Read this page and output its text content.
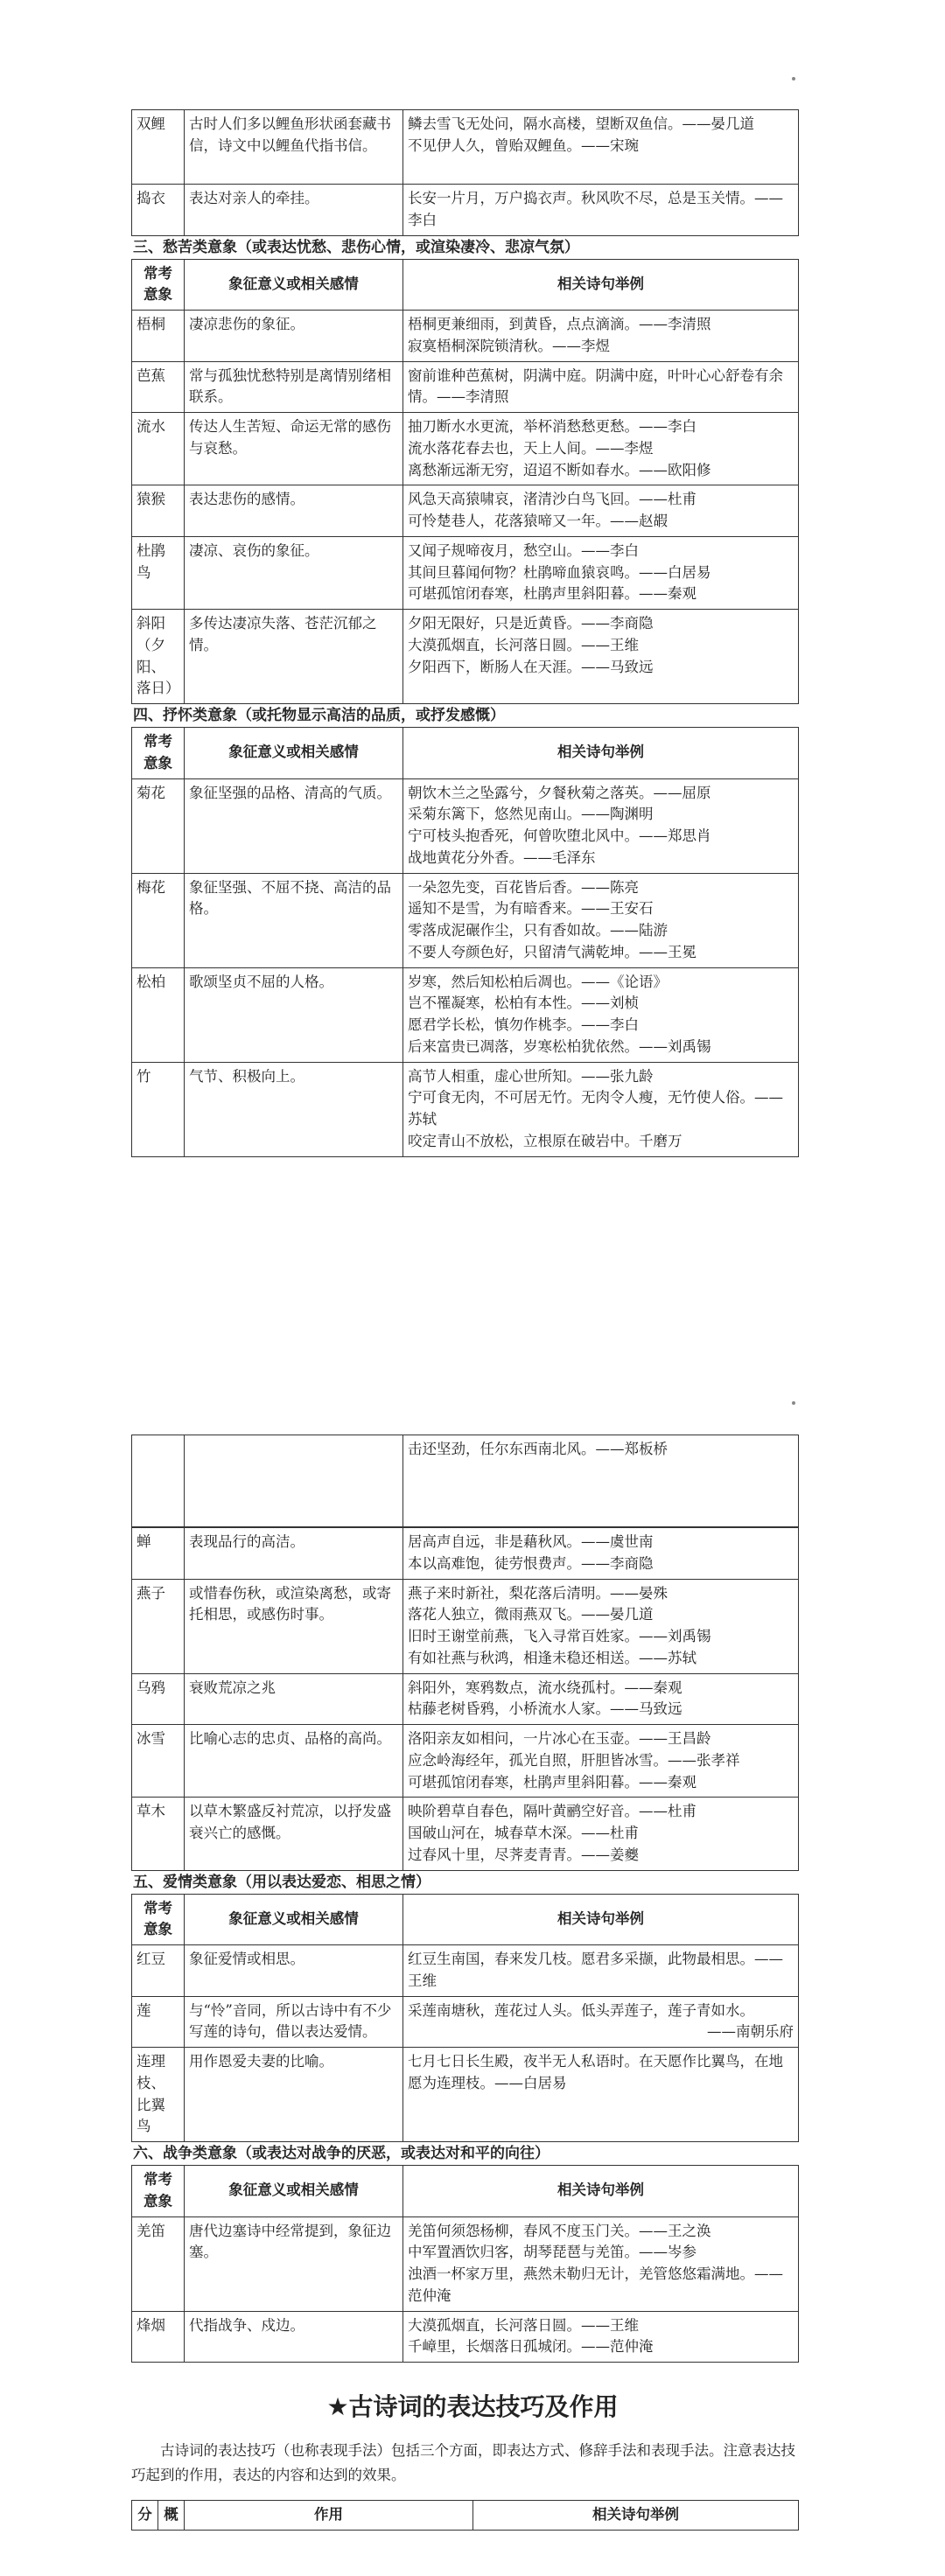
双鲤	古时人们多以鲤鱼形状函套藏书信，诗文中以鲤鱼代指书信。	鳞去雪飞无处问，隔水高楼，望断双鱼信。——晏几道
不见伊人久，曾贻双鲤鱼。——宋琬

捣衣	表达对亲人的牵挂。	长安一片月，万户捣衣声。秋风吹不尽，总是玉关情。——李白
三、愁苦类意象（或表达忧愁、悲伤心情，或渲染凄冷、悲凉气氛）
常考意象	象征意义或相关感情	相关诗句举例
梧桐	凄凉悲伤的象征。	梧桐更兼细雨，到黄昏，点点滴滴。——李清照
寂寞梧桐深院锁清秋。——李煜

芭蕉	常与孤独忧愁特别是离情别绪相联系。	窗前谁种芭蕉树，阴满中庭。阴满中庭，叶叶心心舒卷有余情。——李清照

流水	传达人生苦短、命运无常的感伤与哀愁。	抽刀断水水更流，举杯消愁愁更愁。——李白
流水落花春去也，天上人间。——李煜
离愁渐远渐无穷，迢迢不断如春水。——欧阳修

猿猴	表达悲伤的感情。	风急天高猿啸哀，渚清沙白鸟飞回。——杜甫
可怜楚巷人，花落猿啼又一年。——赵嘏

杜鹃鸟	凄凉、哀伤的象征。	又闻子规啼夜月，愁空山。——李白
其间旦暮闻何物？杜鹃啼血猿哀鸣。——白居易
可堪孤馆闭春寒，杜鹃声里斜阳暮。——秦观

斜阳（夕阳、落日）	多传达凄凉失落、苍茫沉郁之情。	夕阳无限好，只是近黄昏。——李商隐
大漠孤烟直，长河落日圆。——王维
夕阳西下，断肠人在天涯。——马致远
四、抒怀类意象（或托物显示高洁的品质，或抒发感慨）
常考意象	象征意义或相关感情	相关诗句举例
菊花	象征坚强的品格、清高的气质。	朝饮木兰之坠露兮，夕餐秋菊之落英。——屈原
采菊东篱下，悠然见南山。——陶渊明
宁可枝头抱香死，何曾吹堕北风中。——郑思肖
战地黄花分外香。——毛泽东

梅花	象征坚强、不屈不挠、高洁的品格。	一朵忽先变，百花皆后香。——陈亮
遥知不是雪，为有暗香来。——王安石
零落成泥碾作尘，只有香如故。——陆游
不要人夸颜色好，只留清气满乾坤。——王冕

松柏	歌颂坚贞不屈的人格。	岁寒，然后知松柏后凋也。——《论语》
岂不罹凝寒，松柏有本性。——刘桢
愿君学长松，慎勿作桃李。——李白
后来富贵已凋落，岁寒松柏犹依然。——刘禹锡

竹	气节、积极向上。	高节人相重，虚心世所知。——张九龄
宁可食无肉，不可居无竹。无肉令人瘦，无竹使人俗。——苏轼
咬定青山不放松，立根原在破岩中。千磨万
		击还坚劲，任尔东西南北风。——郑板桥
蝉	表现品行的高洁。	居高声自远，非是藉秋风。——虞世南
本以高难饱，徒劳恨费声。——李商隐

燕子	或惜春伤秋，或渲染离愁，或寄托相思，或感伤时事。	燕子来时新社，梨花落后清明。——晏殊
落花人独立，微雨燕双飞。——晏几道
旧时王谢堂前燕，飞入寻常百姓家。——刘禹锡
有如社燕与秋鸿，相逢未稳还相送。——苏轼

乌鸦	衰败荒凉之兆	斜阳外，寒鸦数点，流水绕孤村。——秦观
枯藤老树昏鸦，小桥流水人家。——马致远

冰雪	比喻心志的忠贞、品格的高尚。	洛阳亲友如相问，一片冰心在玉壶。——王昌龄
应念岭海经年，孤光自照，肝胆皆冰雪。——张孝祥
可堪孤馆闭春寒，杜鹃声里斜阳暮。——秦观

草木	以草木繁盛反衬荒凉，以抒发盛衰兴亡的感慨。	映阶碧草自春色，隔叶黄鹂空好音。——杜甫
国破山河在，城春草木深。——杜甫
过春风十里，尽荠麦青青。——姜夔
五、爱情类意象（用以表达爱恋、相思之情）
常考意象	象征意义或相关感情	相关诗句举例
红豆	象征爱情或相思。	红豆生南国，春来发几枝。愿君多采撷，此物最相思。——王维

莲	与“怜”音同，所以古诗中有不少写莲的诗句，借以表达爱情。	采莲南塘秋，莲花过人头。低头弄莲子，莲子青如水。
——南朝乐府

连理枝、比翼鸟	用作恩爱夫妻的比喻。	七月七日长生殿，夜半无人私语时。在天愿作比翼鸟，在地愿为连理枝。——白居易
六、战争类意象（或表达对战争的厌恶，或表达对和平的向往）
常考意象	象征意义或相关感情	相关诗句举例
羌笛	唐代边塞诗中经常提到，象征边塞。	羌笛何须怨杨柳，春风不度玉门关。——王之涣
中军置酒饮归客，胡琴琵琶与羌笛。——岑参
浊酒一杯家万里，燕然未勒归无计，羌管悠悠霜满地。——范仲淹

烽烟	代指战争、戍边。	大漠孤烟直，长河落日圆。——王维
千嶂里，长烟落日孤城闭。——范仲淹
★古诗词的表达技巧及作用
古诗词的表达技巧（也称表现手法）包括三个方面，即表达方式、修辞手法和表现手法。注意表达技巧起到的作用，表达的内容和达到的效果。
分	概	作用	相关诗句举例
